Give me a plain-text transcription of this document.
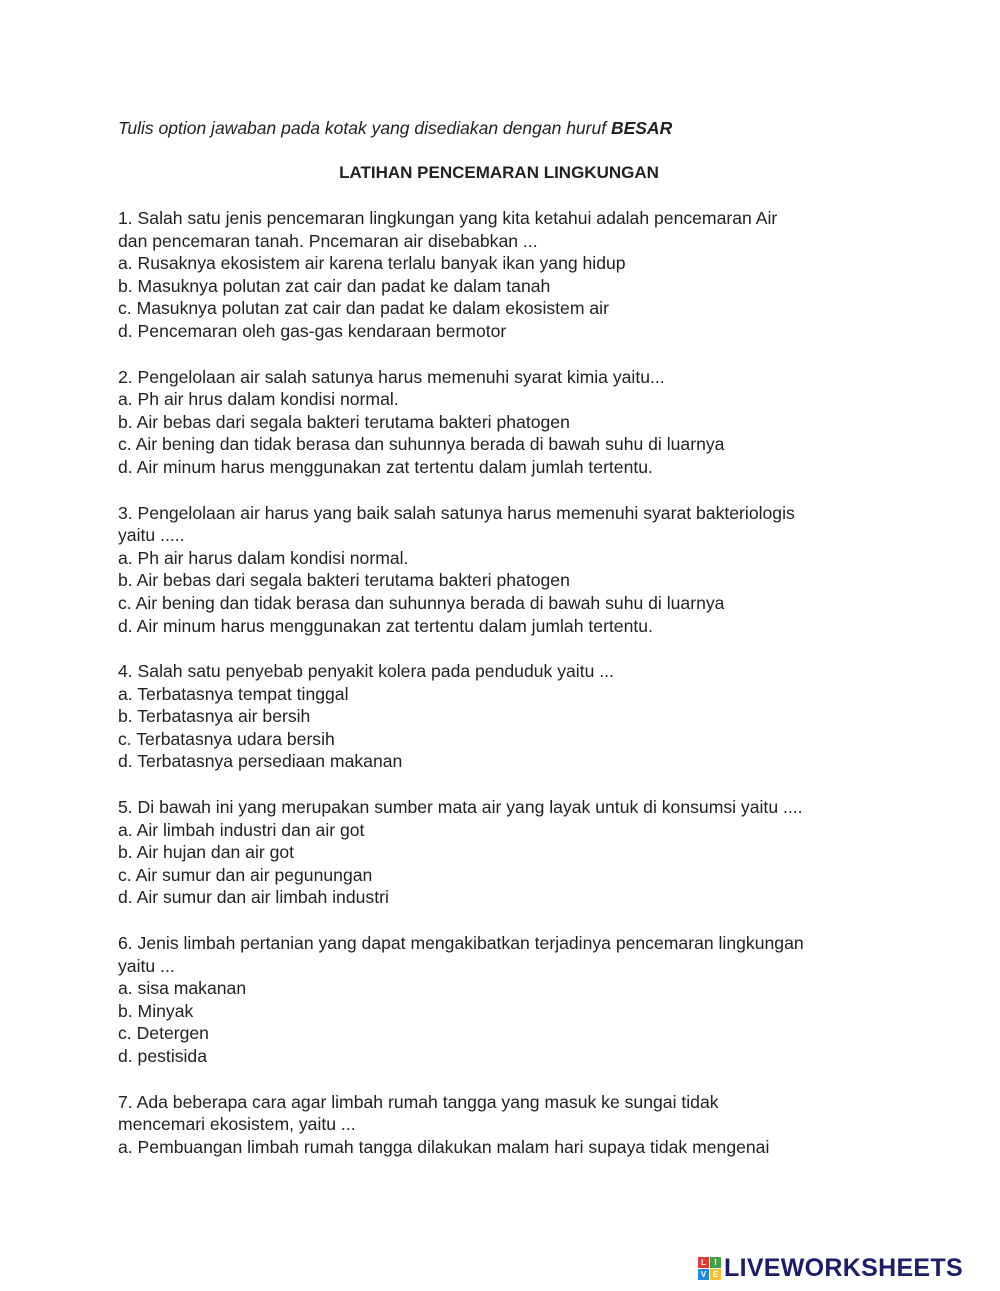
Tulis option jawaban pada kotak yang disediakan dengan huruf BESAR
LATIHAN PENCEMARAN LINGKUNGAN
1. Salah satu jenis pencemaran lingkungan yang kita ketahui adalah pencemaran Air
dan pencemaran tanah. Pncemaran air disebabkan ...
a. Rusaknya ekosistem air karena terlalu banyak ikan yang hidup
b. Masuknya polutan zat cair dan padat ke dalam tanah
c. Masuknya polutan zat cair dan padat ke dalam ekosistem air
d. Pencemaran oleh gas-gas kendaraan bermotor
2. Pengelolaan air salah satunya harus memenuhi syarat kimia yaitu...
a. Ph air hrus dalam kondisi normal.
b. Air bebas dari segala bakteri terutama bakteri phatogen
c. Air bening dan tidak berasa dan suhunnya berada di bawah suhu di luarnya
d. Air minum harus menggunakan zat tertentu dalam jumlah tertentu.
3. Pengelolaan air harus yang baik salah satunya harus memenuhi syarat bakteriologis
yaitu .....
a. Ph air harus dalam kondisi normal.
b. Air bebas dari segala bakteri terutama bakteri phatogen
c. Air bening dan tidak berasa dan suhunnya berada di bawah suhu di luarnya
d. Air minum harus menggunakan zat tertentu dalam jumlah tertentu.
4. Salah satu penyebab penyakit kolera pada penduduk yaitu ...
a. Terbatasnya tempat tinggal
b. Terbatasnya air bersih
c. Terbatasnya udara bersih
d. Terbatasnya persediaan makanan
5. Di bawah ini yang merupakan sumber mata air yang layak untuk di konsumsi yaitu ....
a. Air limbah industri dan air got
b. Air hujan dan air got
c. Air sumur dan air pegunungan
d. Air sumur dan air limbah industri
6. Jenis limbah pertanian yang dapat mengakibatkan terjadinya pencemaran lingkungan
yaitu ...
a. sisa makanan
b. Minyak
c. Detergen
d. pestisida
7. Ada beberapa cara agar limbah rumah tangga yang masuk ke sungai tidak
mencemari ekosistem, yaitu ...
a. Pembuangan limbah rumah tangga dilakukan malam hari supaya tidak mengenai
L	I
V E LIVEWORKSHEETS
